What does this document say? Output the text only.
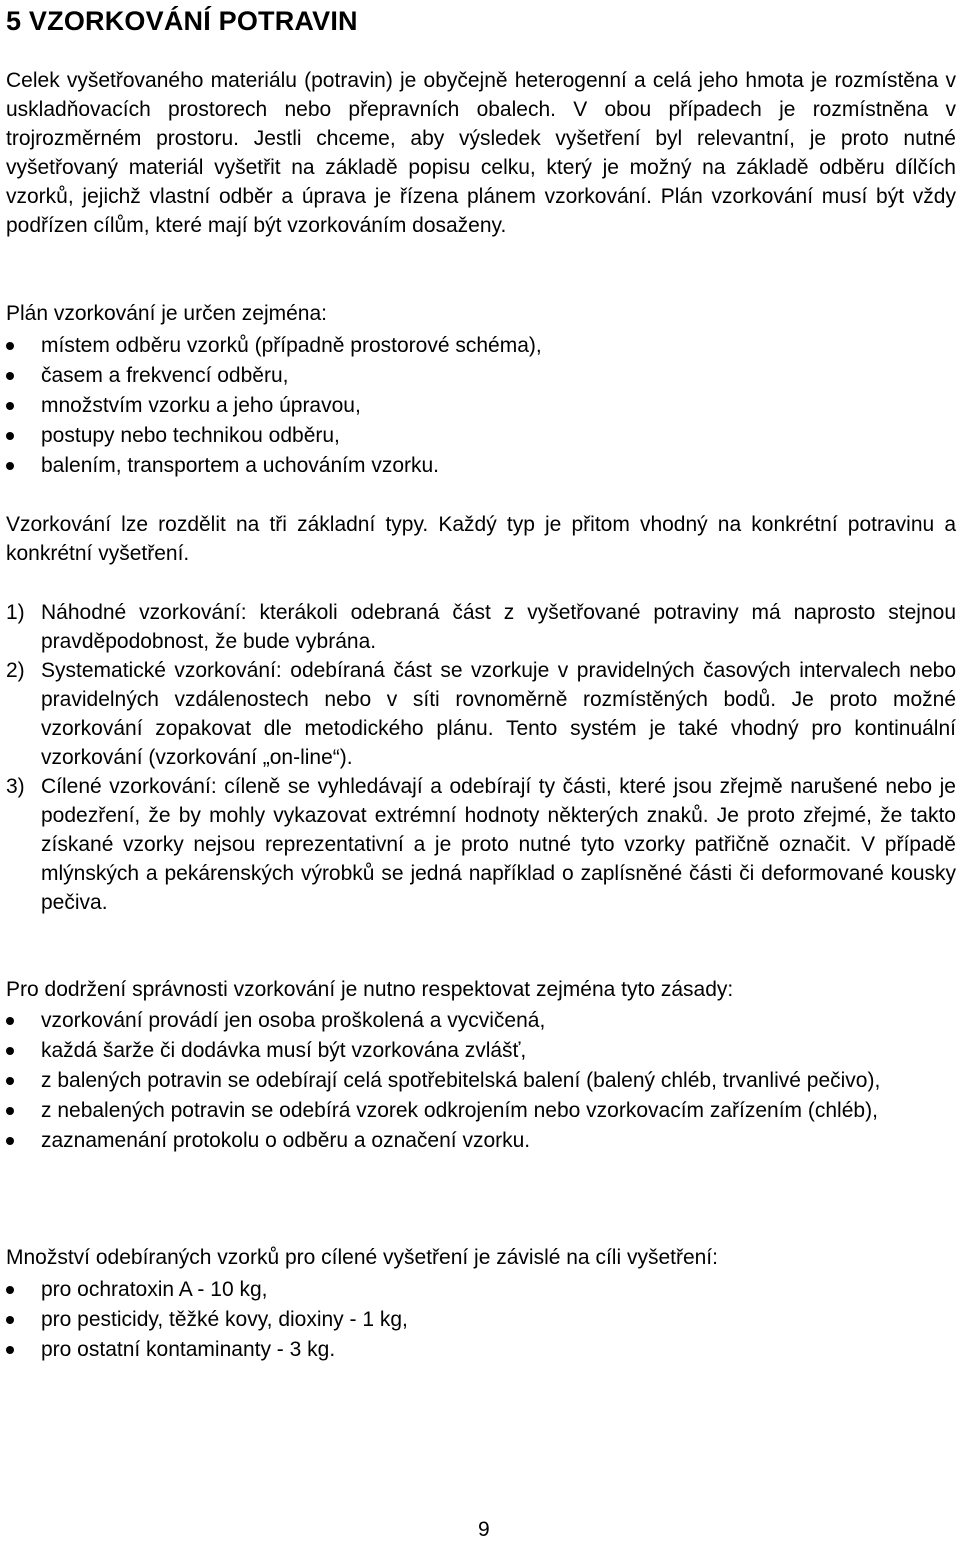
5 VZORKOVÁNÍ POTRAVIN

Celek vyšetřovaného materiálu (potravin) je obyčejně heterogenní a celá jeho hmota je rozmístěna v uskladňovacích prostorech nebo přepravních obalech. V obou případech je rozmístněna v trojrozměrném prostoru. Jestli chceme, aby výsledek vyšetření byl relevantní, je proto nutné vyšetřovaný materiál vyšetřit na základě popisu celku, který je možný na základě odběru dílčích vzorků, jejichž vlastní odběr a úprava je řízena plánem vzorkování. Plán vzorkování musí být vždy podřízen cílům, které mají být vzorkováním dosaženy.

Plán vzorkování je určen zejména:

místem odběru vzorků (případně prostorové schéma),
časem a frekvencí odběru,
množstvím vzorku a jeho úpravou,
postupy nebo technikou odběru,
balením, transportem a uchováním vzorku.

Vzorkování lze rozdělit na tři základní typy. Každý typ je přitom vhodný na konkrétní potravinu a konkrétní vyšetření.

1) Náhodné vzorkování: kterákoli odebraná část z vyšetřované potraviny má naprosto stejnou pravděpodobnost, že bude vybrána.
2) Systematické vzorkování: odebíraná část se vzorkuje v pravidelných časových intervalech nebo pravidelných vzdálenostech nebo v síti rovnoměrně rozmístěných bodů. Je proto možné vzorkování zopakovat dle metodického plánu. Tento systém je také vhodný pro kontinuální vzorkování (vzorkování „on-line“).
3) Cílené vzorkování: cíleně se vyhledávají a odebírají ty části, které jsou zřejmě narušené nebo je podezření, že by mohly vykazovat extrémní hodnoty některých znaků. Je proto zřejmé, že takto získané vzorky nejsou reprezentativní a je proto nutné tyto vzorky patřičně označit. V případě mlýnských a pekárenských výrobků se jedná například o zaplísněné části či deformované kousky pečiva.

Pro dodržení správnosti vzorkování je nutno respektovat zejména tyto zásady:

vzorkování provádí jen osoba proškolená a vycvičená,
každá šarže či dodávka musí být vzorkována zvlášť,
z balených potravin se odebírají celá spotřebitelská balení (balený chléb, trvanlivé pečivo),
z nebalených potravin se odebírá vzorek odkrojením nebo vzorkovacím zařízením (chléb),
zaznamenání protokolu o odběru a označení vzorku.

Množství odebíraných vzorků pro cílené vyšetření je závislé na cíli vyšetření:

pro ochratoxin A - 10 kg,
pro pesticidy, těžké kovy, dioxiny - 1 kg,
pro ostatní kontaminanty - 3 kg.
9
